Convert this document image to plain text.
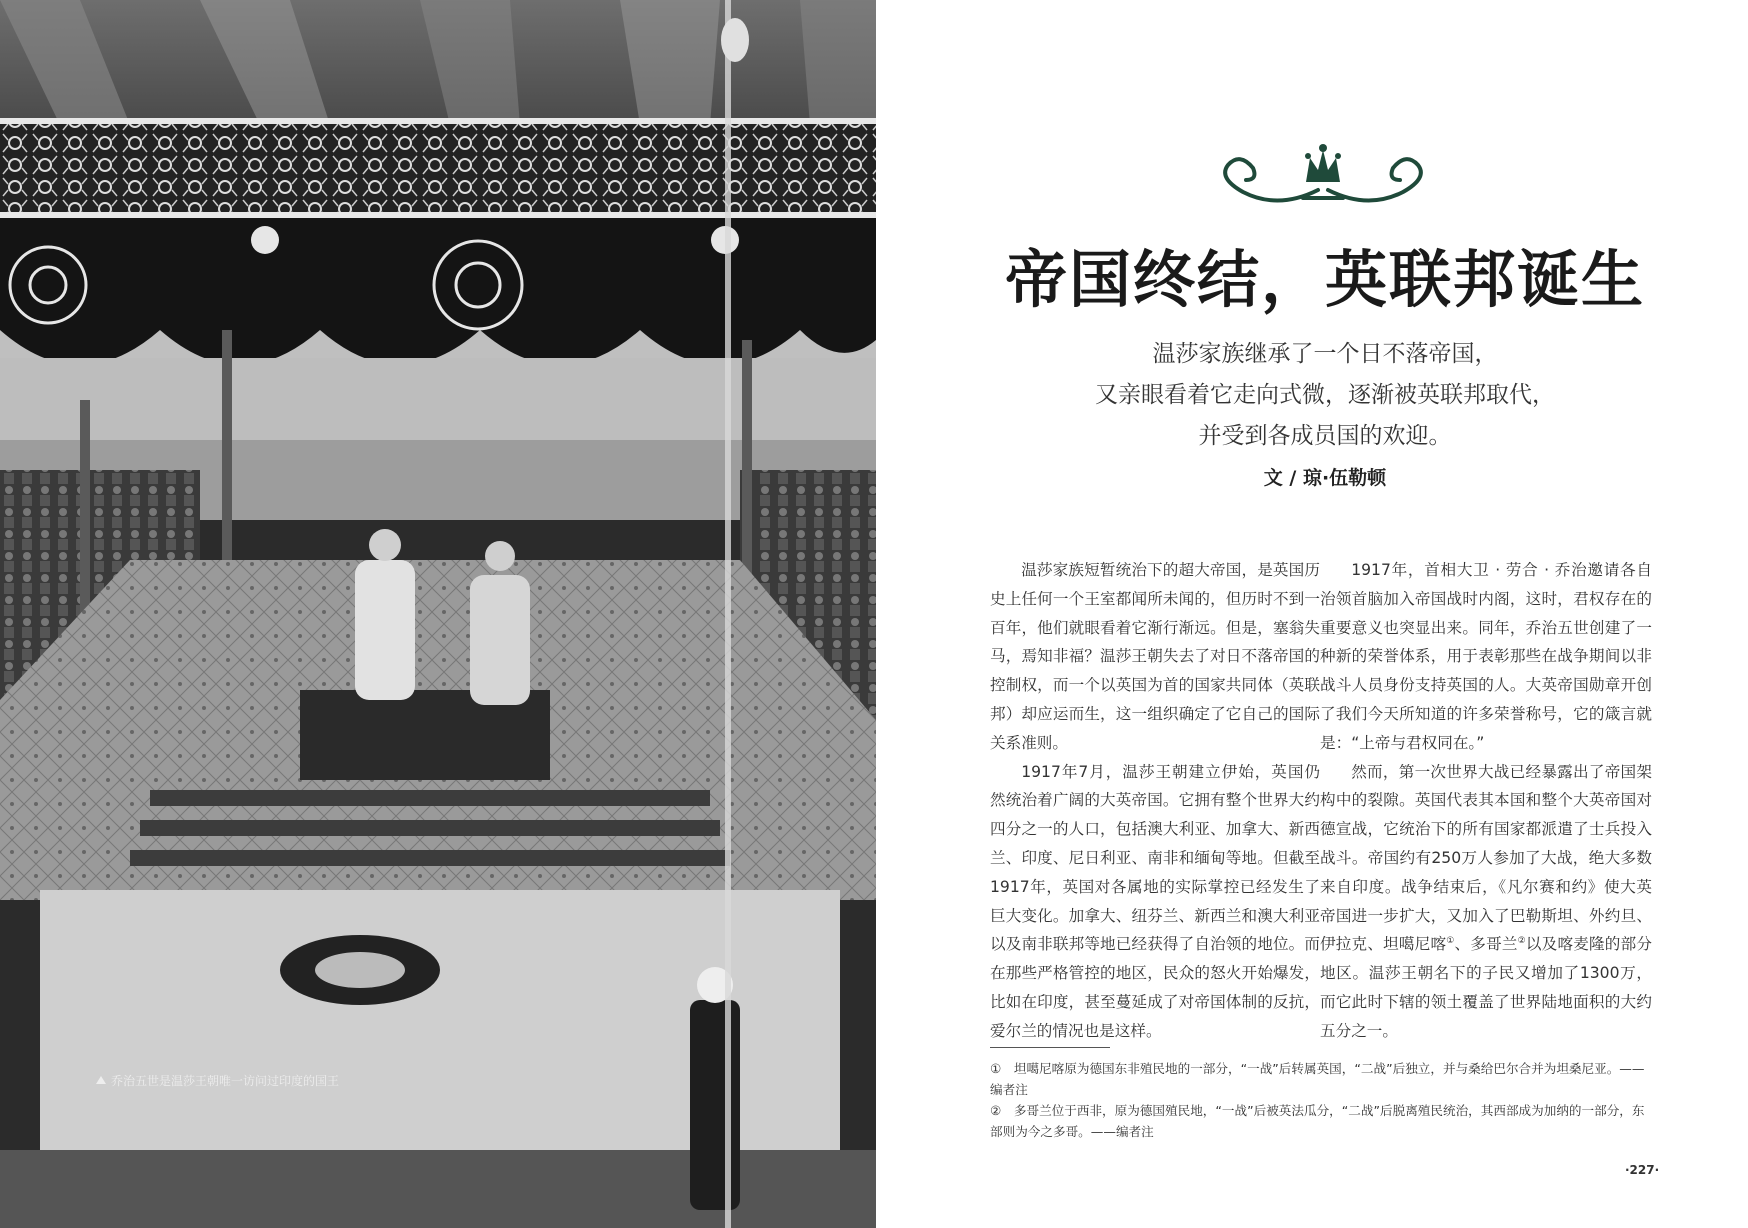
乔治五世是温莎王朝唯一访问过印度的国王
帝国终结，英联邦诞生
温莎家族继承了一个日不落帝国，
又亲眼看着它走向式微，逐渐被英联邦取代，
并受到各成员国的欢迎。
文 / 琼·伍勒顿

温莎家族短暂统治下的超大帝国，是英国历史上任何一个王室都闻所未闻的，但历时不到一百年，他们就眼看着它渐行渐远。但是，塞翁失马，焉知非福？温莎王朝失去了对日不落帝国的控制权，而一个以英国为首的国家共同体（英联邦）却应运而生，这一组织确定了它自己的国际关系准则。

1917年7月，温莎王朝建立伊始，英国仍然统治着广阔的大英帝国。它拥有整个世界大约四分之一的人口，包括澳大利亚、加拿大、新西兰、印度、尼日利亚、南非和缅甸等地。但截至1917年，英国对各属地的实际掌控已经发生了巨大变化。加拿大、纽芬兰、新西兰和澳大利亚以及南非联邦等地已经获得了自治领的地位。而在那些严格管控的地区，民众的怒火开始爆发，比如在印度，甚至蔓延成了对帝国体制的反抗，爱尔兰的情况也是这样。

1917年，首相大卫 · 劳合 · 乔治邀请各自治领首脑加入帝国战时内阁，这时，君权存在的重要意义也突显出来。同年，乔治五世创建了一种新的荣誉体系，用于表彰那些在战争期间以非战斗人员身份支持英国的人。大英帝国勋章开创了我们今天所知道的许多荣誉称号，它的箴言就是：“上帝与君权同在。”

然而，第一次世界大战已经暴露出了帝国架构中的裂隙。英国代表其本国和整个大英帝国对德宣战，它统治下的所有国家都派遣了士兵投入战斗。帝国约有250万人参加了大战，绝大多数来自印度。战争结束后，《凡尔赛和约》使大英帝国进一步扩大，又加入了巴勒斯坦、外约旦、伊拉克、坦噶尼喀①、多哥兰②以及喀麦隆的部分地区。温莎王朝名下的子民又增加了1300万，而它此时下辖的领土覆盖了世界陆地面积的大约五分之一。

①　坦噶尼喀原为德国东非殖民地的一部分，“一战”后转属英国，“二战”后独立，并与桑给巴尔合并为坦桑尼亚。——编者注

②　多哥兰位于西非，原为德国殖民地，“一战”后被英法瓜分，“二战”后脱离殖民统治，其西部成为加纳的一部分，东部则为今之多哥。——编者注

·227·
